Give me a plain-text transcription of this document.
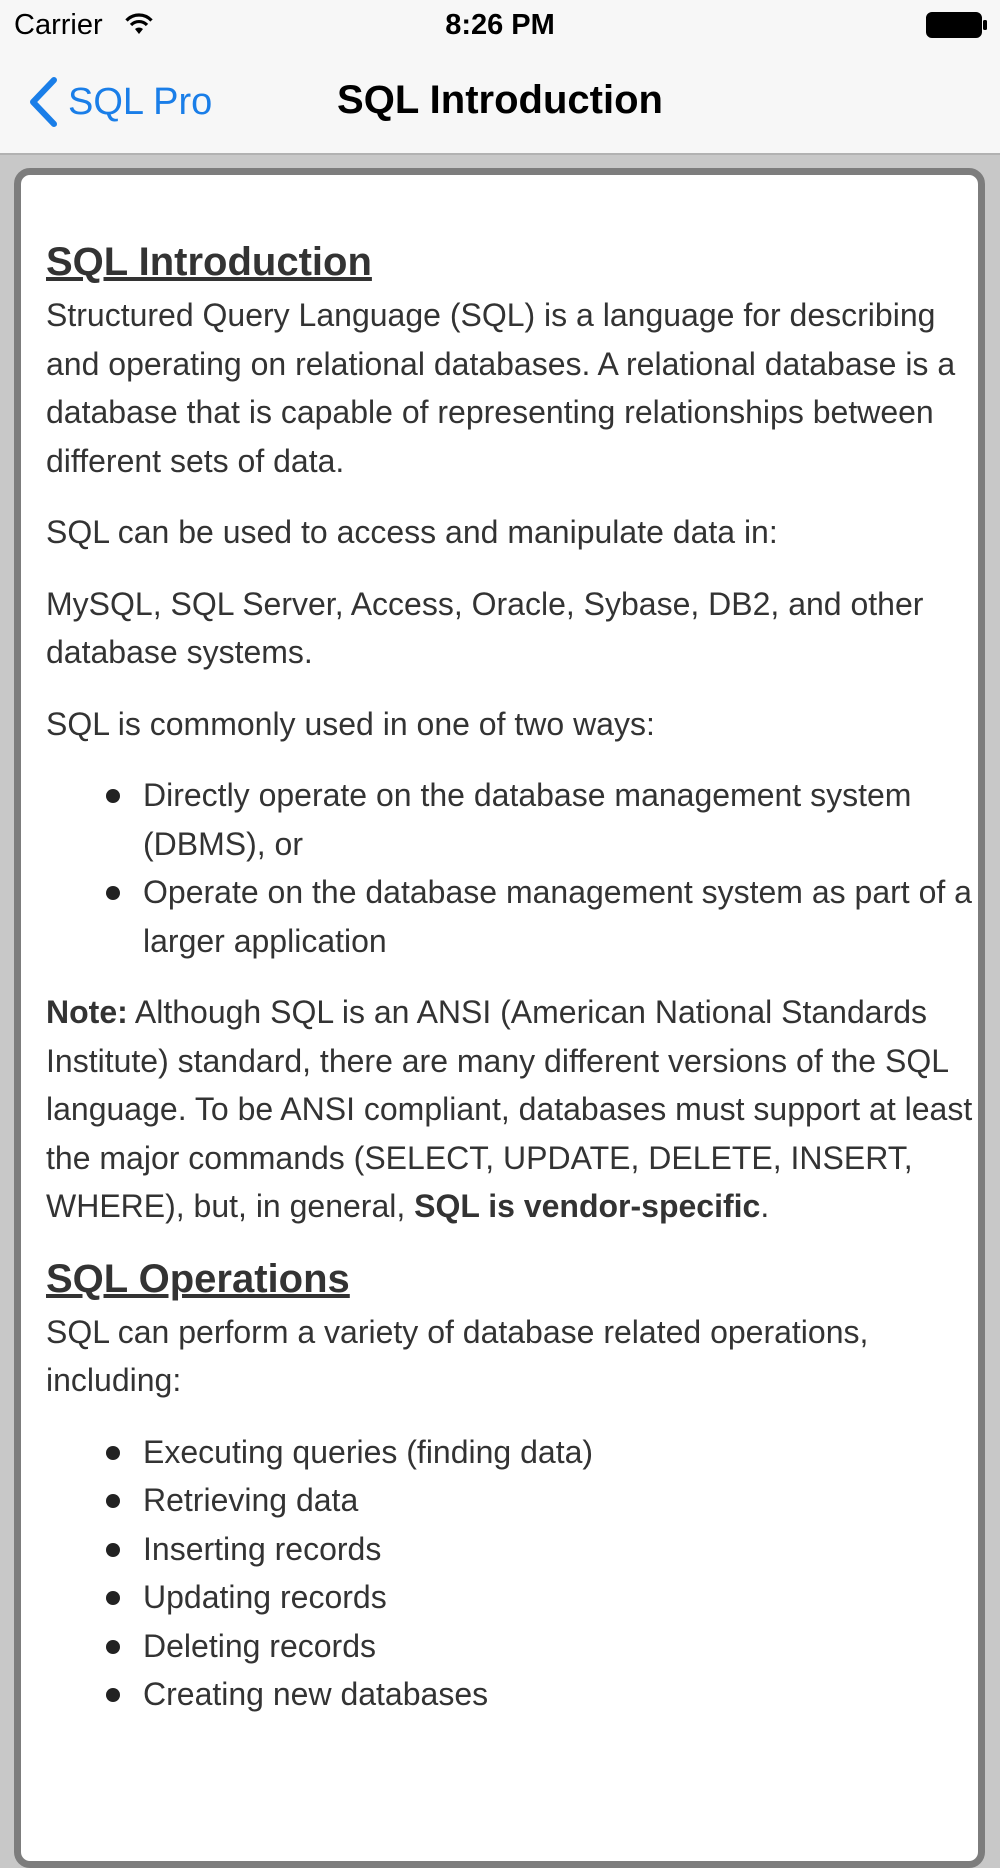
Carrier	8:26 PM
SQL Pro	SQL Introduction
SQL Introduction

Structured Query Language (SQL) is a language for describing and operating on relational databases. A relational database is a database that is capable of representing relationships between different sets of data.

SQL can be used to access and manipulate data in:

MySQL, SQL Server, Access, Oracle, Sybase, DB2, and other database systems.

SQL is commonly used in one of two ways:

Directly operate on the database management system (DBMS), or
Operate on the database management system as part of a larger application

Note: Although SQL is an ANSI (American National Standards Institute) standard, there are many different versions of the SQL language. To be ANSI compliant, databases must support at least the major commands (SELECT, UPDATE, DELETE, INSERT, WHERE), but, in general, SQL is vendor-specific.

SQL Operations

SQL can perform a variety of database related operations, including:

Executing queries (finding data)
Retrieving data
Inserting records
Updating records
Deleting records
Creating new databases
